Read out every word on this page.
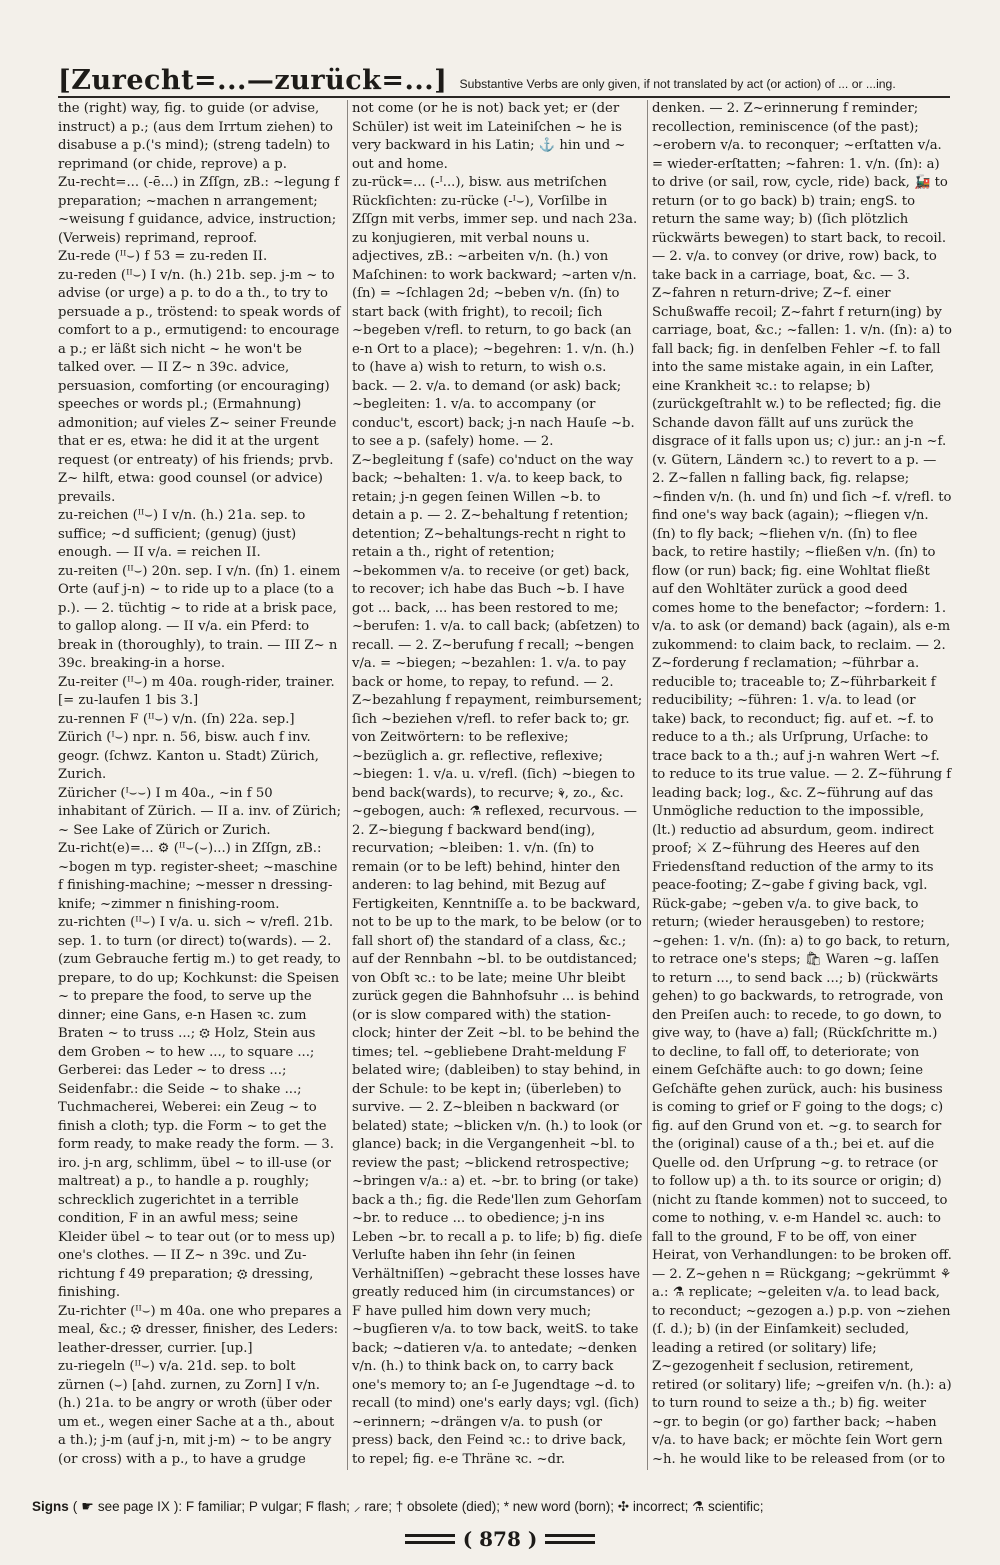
[Zurecht=...—zurück=...] Substantive Verbs are only given, if not translated by act (or action) of ... or ...ing.

the (right) way, fig. to guide (or advise, instruct) a p.; (aus dem Irrtum ziehen) to disabuse a p.('s mind); (streng tadeln) to reprimand (or chide, reprove) a p.

Zu-recht=... (-ē...) in Zſſgn, zB.: ~legung f preparation; ~machen n arrangement; ~weisung f guidance, advice, instruction; (Verweis) reprimand, reproof.

Zu-rede (ᴵᴵ⌣) f 53 = zu-reden II.

zu-reden (ᴵᴵ⌣) I v/n. (h.) 21b. sep. j-m ~ to advise (or urge) a p. to do a th., to try to persuade a p., tröstend: to speak words of comfort to a p., ermutigend: to encourage a p.; er läßt sich nicht ~ he won't be talked over. — II Z~ n 39c. advice, persuasion, comforting (or encouraging) speeches or words pl.; (Ermahnung) admonition; auf vieles Z~ seiner Freunde that er es, etwa: he did it at the urgent request (or entreaty) of his friends; prvb. Z~ hilft, etwa: good counsel (or advice) prevails.

zu-reichen (ᴵᴵ⌣) I v/n. (h.) 21a. sep. to suffice; ~d sufficient; (genug) (just) enough. — II v/a. = reichen II.

zu-reiten (ᴵᴵ⌣) 20n. sep. I v/n. (ſn) 1. einem Orte (auf j-n) ~ to ride up to a place (to a p.). — 2. tüchtig ~ to ride at a brisk pace, to gallop along. — II v/a. ein Pferd: to break in (thoroughly), to train. — III Z~ n 39c. breaking-in a horse.

Zu-reiter (ᴵᴵ⌣) m 40a. rough-rider, trainer. [= zu-laufen 1 bis 3.]

zu-rennen F (ᴵᴵ⌣) v/n. (ſn) 22a. sep.]

Zürich (ᴵ⌣) npr. n. 56, bisw. auch f inv. geogr. (ſchwz. Kanton u. Stadt) Zürich, Zurich.

Züricher (ᴵ⌣⌣) I m 40a., ~in f 50 inhabitant of Zürich. — II a. inv. of Zürich; ~ See Lake of Zürich or Zurich.

Zu-richt(e)=... ⚙ (ᴵᴵ⌣(⌣)...) in Zſſgn, zB.: ~bogen m typ. register-sheet; ~maschine f finishing-machine; ~messer n dressing-knife; ~zimmer n finishing-room.

zu-richten (ᴵᴵ⌣) I v/a. u. sich ~ v/refl. 21b. sep. 1. to turn (or direct) to(wards). — 2. (zum Gebrauche fertig m.) to get ready, to prepare, to do up; Kochkunst: die Speisen ~ to prepare the food, to serve up the dinner; eine Gans, e-n Hasen ꝛc. zum Braten ~ to truss ...; ⚙ Holz, Stein aus dem Groben ~ to hew ..., to square ...; Gerberei: das Leder ~ to dress ...; Seidenfabr.: die Seide ~ to shake ...; Tuchmacherei, Weberei: ein Zeug ~ to finish a cloth; typ. die Form ~ to get the form ready, to make ready the form. — 3. iro. j-n arg, schlimm, übel ~ to ill-use (or maltreat) a p., to handle a p. roughly; schrecklich zugerichtet in a terrible condition, F in an awful mess; seine Kleider übel ~ to tear out (or to mess up) one's clothes. — II Z~ n 39c. und Zu-richtung f 49 preparation; ⚙ dressing, finishing.

Zu-richter (ᴵᴵ⌣) m 40a. one who prepares a meal, &c.; ⚙ dresser, finisher, des Leders: leather-dresser, currier. [up.]

zu-riegeln (ᴵᴵ⌣) v/a. 21d. sep. to bolt

zürnen (⌣) [ahd. zurnen, zu Zorn] I v/n. (h.) 21a. to be angry or wroth (über oder um et., wegen einer Sache at a th., about a th.); j-m (auf j-n, mit j-m) ~ to be angry (or cross) with a p., to have a grudge

not come (or he is not) back yet; er (der Schüler) ist weit im Lateiniſchen ~ he is very backward in his Latin; ⚓ hin und ~ out and home.

zu-rück=... (-ᴵ...), bisw. aus metriſchen Rückſichten: zu-rücke (-ᴵ⌣), Vorſilbe in Zſſgn mit verbs, immer sep. und nach 23a. zu konjugieren, mit verbal nouns u. adjectives, zB.: ~arbeiten v/n. (h.) von Maſchinen: to work backward; ~arten v/n. (ſn) = ~ſchlagen 2d; ~beben v/n. (ſn) to start back (with fright), to recoil; ſich ~begeben v/refl. to return, to go back (an e-n Ort to a place); ~begehren: 1. v/n. (h.) to (have a) wish to return, to wish o.s. back. — 2. v/a. to demand (or ask) back; ~begleiten: 1. v/a. to accompany (or conduc't, escort) back; j-n nach Hauſe ~b. to see a p. (safely) home. — 2. Z~begleitung f (safe) co'nduct on the way back; ~behalten: 1. v/a. to keep back, to retain; j-n gegen ſeinen Willen ~b. to detain a p. — 2. Z~behaltung f retention; detention; Z~behaltungs-recht n right to retain a th., right of retention; ~bekommen v/a. to receive (or get) back, to recover; ich habe das Buch ~b. I have got ... back, ... has been restored to me; ~berufen: 1. v/a. to call back; (abſetzen) to recall. — 2. Z~berufung f recall; ~bengen v/a. = ~biegen; ~bezahlen: 1. v/a. to pay back or home, to repay, to refund. — 2. Z~bezahlung f repayment, reimbursement; ſich ~beziehen v/refl. to refer back to; gr. von Zeitwörtern: to be reflexive; ~bezüglich a. gr. reflective, reflexive; ~biegen: 1. v/a. u. v/refl. (ſich) ~biegen to bend back(wards), to recurve; ⚘, zo., &c. ~gebogen, auch: ⚗ reflexed, recurvous. — 2. Z~biegung f backward bend(ing), recurvation; ~bleiben: 1. v/n. (ſn) to remain (or to be left) behind, hinter den anderen: to lag behind, mit Bezug auf Fertigkeiten, Kenntniſſe a. to be backward, not to be up to the mark, to be below (or to fall short of) the standard of a class, &c.; auf der Rennbahn ~bl. to be outdistanced; von Obſt ꝛc.: to be late; meine Uhr bleibt zurück gegen die Bahnhofsuhr ... is behind (or is slow compared with) the station-clock; hinter der Zeit ~bl. to be behind the times; tel. ~gebliebene Draht-meldung F belated wire; (dableiben) to stay behind, in der Schule: to be kept in; (überleben) to survive. — 2. Z~bleiben n backward (or belated) state; ~blicken v/n. (h.) to look (or glance) back; in die Vergangenheit ~bl. to review the past; ~blickend retrospective; ~bringen v/a.: a) et. ~br. to bring (or take) back a th.; fig. die Rede'llen zum Gehorſam ~br. to reduce ... to obedience; j-n ins Leben ~br. to recall a p. to life; b) fig. dieſe Verluſte haben ihn ſehr (in ſeinen Verhältniſſen) ~gebracht these losses have greatly reduced him (in circumstances) or F have pulled him down very much; ~bugſieren v/a. to tow back, weitS. to take back; ~datieren v/a. to antedate; ~denken v/n. (h.) to think back on, to carry back one's memory to; an ſ-e Jugendtage ~d. to recall (to mind) one's early days; vgl. (ſich) ~erinnern; ~drängen v/a. to push (or press) back, den Feind ꝛc.: to drive back, to repel; fig. e-e Thräne ꝛc. ~dr.

denken. — 2. Z~erinnerung f reminder; recollection, reminiscence (of the past); ~erobern v/a. to reconquer; ~erſtatten v/a. = wieder-erſtatten; ~fahren: 1. v/n. (ſn): a) to drive (or sail, row, cycle, ride) back, 🚂 to return (or to go back) b) train; engS. to return the same way; b) (ſich plötzlich rückwärts bewegen) to start back, to recoil. — 2. v/a. to convey (or drive, row) back, to take back in a carriage, boat, &c. — 3. Z~fahren n return-drive; Z~f. einer Schußwaffe recoil; Z~fahrt f return(ing) by carriage, boat, &c.; ~fallen: 1. v/n. (ſn): a) to fall back; fig. in denſelben Fehler ~f. to fall into the same mistake again, in ein Laſter, eine Krankheit ꝛc.: to relapse; b) (zurückgeſtrahlt w.) to be reflected; fig. die Schande davon fällt auf uns zurück the disgrace of it falls upon us; c) jur.: an j-n ~f. (v. Gütern, Ländern ꝛc.) to revert to a p. — 2. Z~fallen n falling back, fig. relapse; ~finden v/n. (h. und ſn) und ſich ~f. v/refl. to find one's way back (again); ~fliegen v/n. (ſn) to fly back; ~fliehen v/n. (ſn) to flee back, to retire hastily; ~fließen v/n. (ſn) to flow (or run) back; fig. eine Wohltat fließt auf den Wohltäter zurück a good deed comes home to the benefactor; ~fordern: 1. v/a. to ask (or demand) back (again), als e-m zukommend: to claim back, to reclaim. — 2. Z~forderung f reclamation; ~führbar a. reducible to; traceable to; Z~führbarkeit f reducibility; ~führen: 1. v/a. to lead (or take) back, to reconduct; fig. auf et. ~f. to reduce to a th.; als Urſprung, Urſache: to trace back to a th.; auf j-n wahren Wert ~f. to reduce to its true value. — 2. Z~führung f leading back; log., &c. Z~führung auf das Unmögliche reduction to the impossible, (lt.) reductio ad absurdum, geom. indirect proof; ⚔ Z~führung des Heeres auf den Friedensſtand reduction of the army to its peace-footing; Z~gabe f giving back, vgl. Rück-gabe; ~geben v/a. to give back, to return; (wieder herausgeben) to restore; ~gehen: 1. v/n. (ſn): a) to go back, to return, to retrace one's steps; 🛍 Waren ~g. laſſen to return ..., to send back ...; b) (rückwärts gehen) to go backwards, to retrograde, von den Preiſen auch: to recede, to go down, to give way, to (have a) fall; (Rückſchritte m.) to decline, to fall off, to deteriorate; von einem Geſchäfte auch: to go down; ſeine Geſchäfte gehen zurück, auch: his business is coming to grief or F going to the dogs; c) fig. auf den Grund von et. ~g. to search for the (original) cause of a th.; bei et. auf die Quelle od. den Urſprung ~g. to retrace (or to follow up) a th. to its source or origin; d) (nicht zu ſtande kommen) not to succeed, to come to nothing, v. e-m Handel ꝛc. auch: to fall to the ground, F to be off, von einer Heirat, von Verhandlungen: to be broken off. — 2. Z~gehen n = Rückgang; ~gekrümmt ⚘ a.: ⚗ replicate; ~geleiten v/a. to lead back, to reconduct; ~gezogen a.) p.p. von ~ziehen (ſ. d.); b) (in der Einſamkeit) secluded, leading a retired (or solitary) life; Z~gezogenheit f seclusion, retirement, retired (or solitary) life; ~greifen v/n. (h.): a) to turn round to seize a th.; b) fig. weiter ~gr. to begin (or go) farther back; ~haben v/a. to have back; er möchte ſein Wort gern ~h. he would like to be released from (or to

Signs ( ☛ see page IX ): F familiar; P vulgar; Ϝ flash; ⸝ rare; † obsolete (died); * new word (born); ✣ incorrect; ⚗ scientific;
( 878 )
